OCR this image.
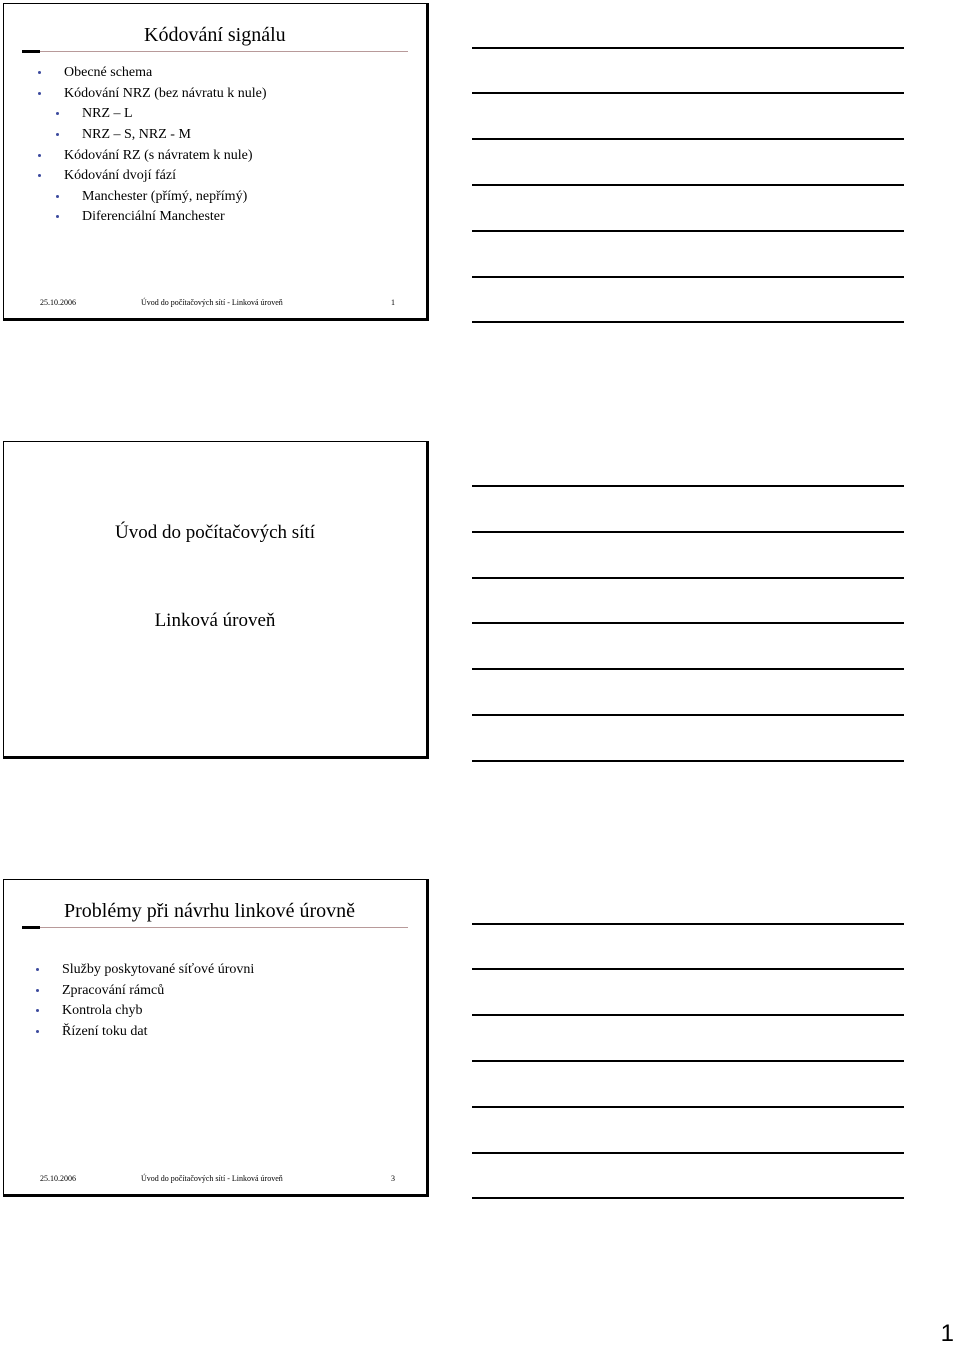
Kódování signálu
Obecné schema
Kódování NRZ (bez návratu k nule)
NRZ – L
NRZ – S, NRZ - M
Kódování RZ (s návratem k nule)
Kódování dvojí fází
Manchester (přímý, nepřímý)
Diferenciální Manchester
25.10.2006	Úvod do počítačových sítí - Linková úroveň	1
Úvod do počítačových sítí
Linková úroveň
Problémy při návrhu linkové úrovně
Služby poskytované síťové úrovni
Zpracování rámců
Kontrola chyb
Řízení toku dat
25.10.2006	Úvod do počítačových sítí - Linková úroveň	3
1
